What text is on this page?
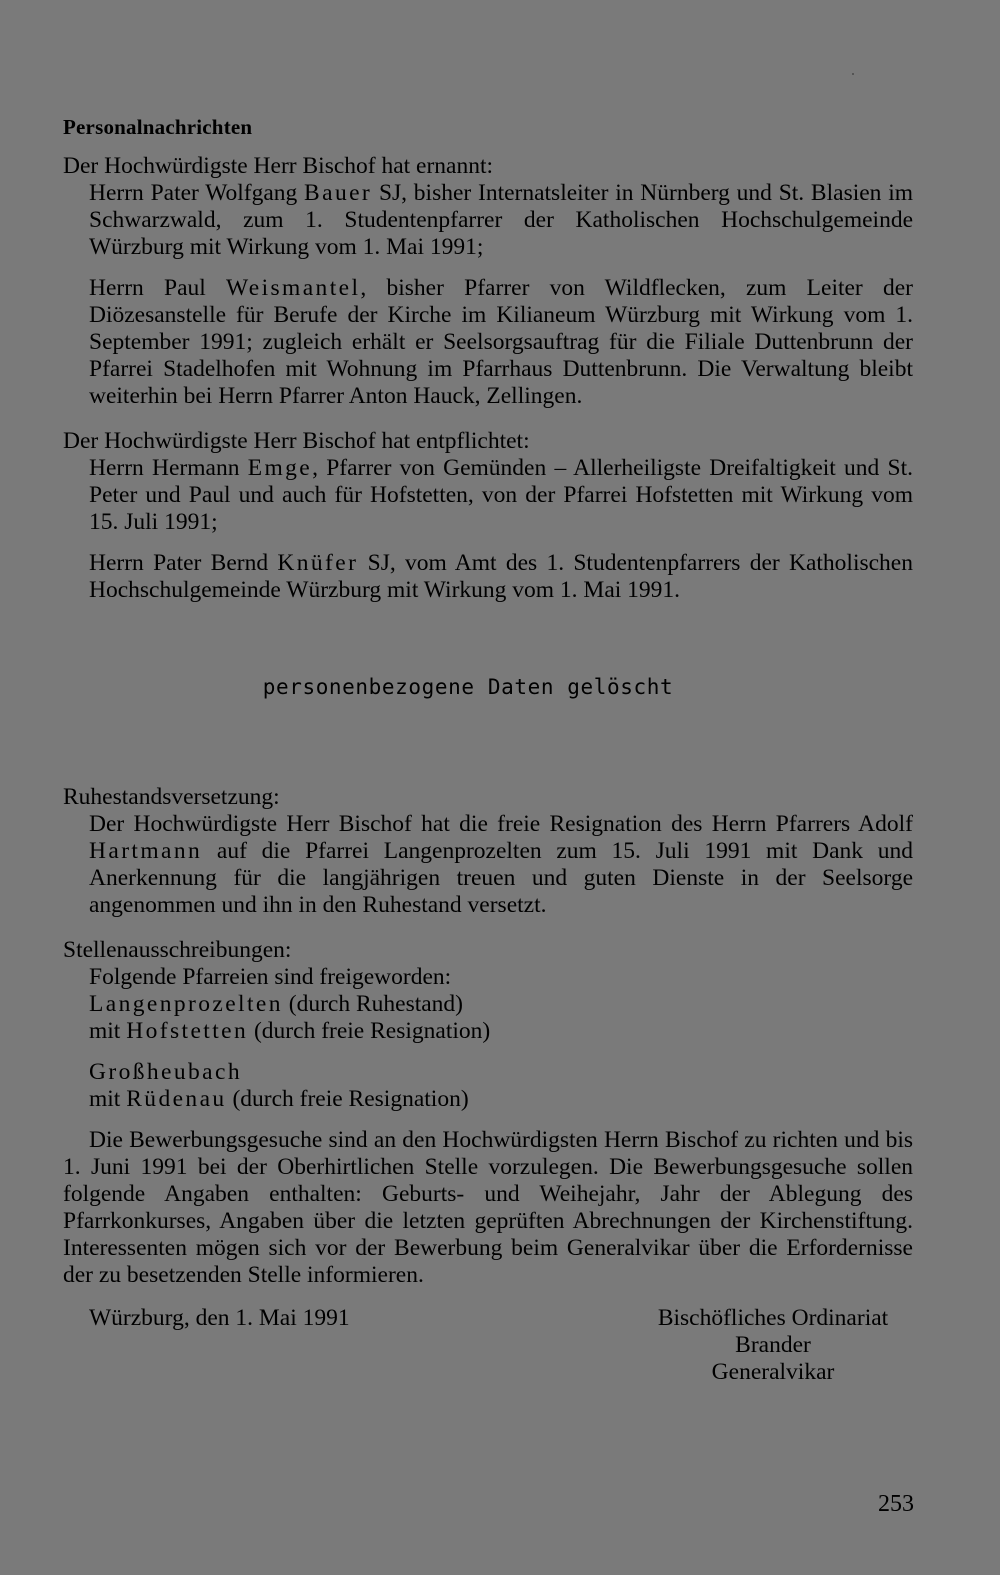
Personalnachrichten
Der Hochwürdigste Herr Bischof hat ernannt:
Herrn Pater Wolfgang Bauer SJ, bisher Internatsleiter in Nürnberg und St. Blasien im Schwarzwald, zum 1. Studentenpfarrer der Katholischen Hochschulgemeinde Würzburg mit Wirkung vom 1. Mai 1991;
Herrn Paul Weismantel, bisher Pfarrer von Wildflecken, zum Leiter der Diözesanstelle für Berufe der Kirche im Kilianeum Würzburg mit Wirkung vom 1. September 1991; zugleich erhält er Seelsorgsauftrag für die Filiale Duttenbrunn der Pfarrei Stadelhofen mit Wohnung im Pfarrhaus Duttenbrunn. Die Verwaltung bleibt weiterhin bei Herrn Pfarrer Anton Hauck, Zellingen.
Der Hochwürdigste Herr Bischof hat entpflichtet:
Herrn Hermann Emge, Pfarrer von Gemünden – Allerheiligste Dreifaltigkeit und St. Peter und Paul und auch für Hofstetten, von der Pfarrei Hofstetten mit Wirkung vom 15. Juli 1991;
Herrn Pater Bernd Knüfer SJ, vom Amt des 1. Studentenpfarrers der Katholischen Hochschulgemeinde Würzburg mit Wirkung vom 1. Mai 1991.
personenbezogene Daten gelöscht
Ruhestandsversetzung:
Der Hochwürdigste Herr Bischof hat die freie Resignation des Herrn Pfarrers Adolf Hartmann auf die Pfarrei Langenprozelten zum 15. Juli 1991 mit Dank und Anerkennung für die langjährigen treuen und guten Dienste in der Seelsorge angenommen und ihn in den Ruhestand versetzt.
Stellenausschreibungen:
Folgende Pfarreien sind freigeworden:
Langenprozelten (durch Ruhestand)
mit Hofstetten (durch freie Resignation)
Großheubach
mit Rüdenau (durch freie Resignation)
Die Bewerbungsgesuche sind an den Hochwürdigsten Herrn Bischof zu richten und bis 1. Juni 1991 bei der Oberhirtlichen Stelle vorzulegen. Die Bewerbungsgesuche sollen folgende Angaben enthalten: Geburts- und Weihejahr, Jahr der Ablegung des Pfarrkonkurses, Angaben über die letzten geprüften Abrechnungen der Kirchenstiftung. Interessenten mögen sich vor der Bewerbung beim Generalvikar über die Erfordernisse der zu besetzenden Stelle informieren.
Würzburg, den 1. Mai 1991	Bischöfliches Ordinariat
Brander
Generalvikar
253
